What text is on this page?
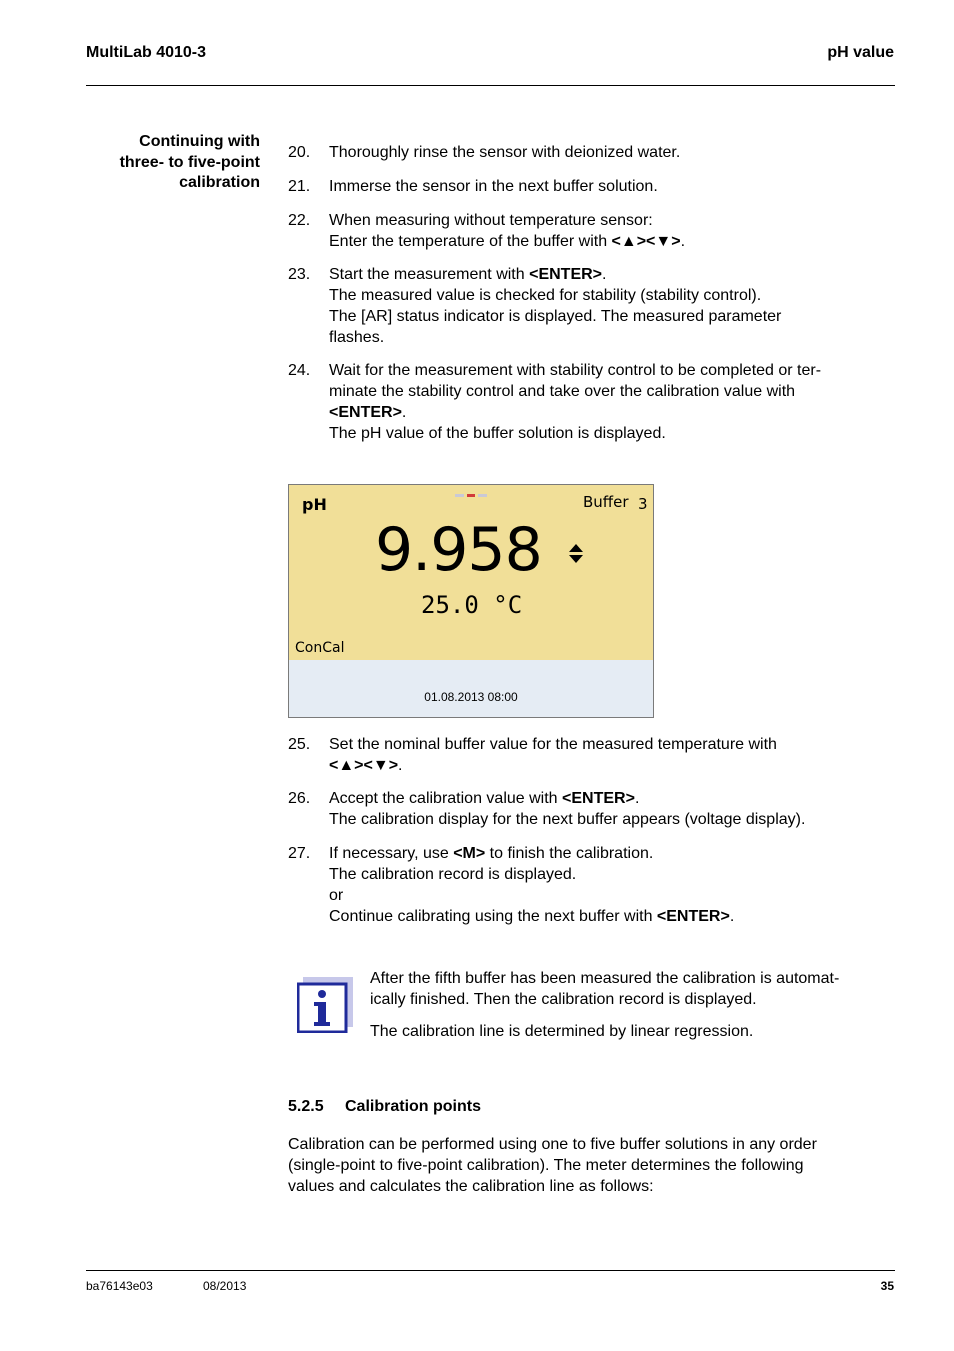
MultiLab 4010-3	pH value
Continuing with
three- to five-point
calibration
20.	Thoroughly rinse the sensor with deionized water.
21.	Immerse the sensor in the next buffer solution.
22.	When measuring without temperature sensor:
Enter the temperature of the buffer with <▲><▼>.
23.	Start the measurement with <ENTER>.
The measured value is checked for stability (stability control).
The [AR] status indicator is displayed. The measured parameter
flashes.
24.	Wait for the measurement with stability control to be completed or ter-
minate the stability control and take over the calibration value with
<ENTER>.
The pH value of the buffer solution is displayed.
pH	Buffer 3
9.958
25.0 °C
ConCal
01.08.2013 08:00
25.	Set the nominal buffer value for the measured temperature with
<▲><▼>.
26.	Accept the calibration value with <ENTER>.
The calibration display for the next buffer appears (voltage display).
27.	If necessary, use <M> to finish the calibration.
The calibration record is displayed.
or
Continue calibrating using the next buffer with <ENTER>.
After the fifth buffer has been measured the calibration is automat-
ically finished. Then the calibration record is displayed.
The calibration line is determined by linear regression.
5.2.5 Calibration points
Calibration can be performed using one to five buffer solutions in any order
(single-point to five-point calibration). The meter determines the following
values and calculates the calibration line as follows:
ba76143e03	08/2013	35
